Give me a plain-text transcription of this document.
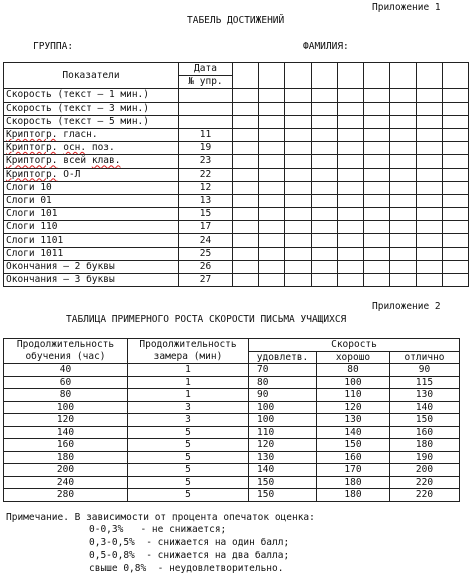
Приложение 1
ТАБЕЛЬ ДОСТИЖЕНИЙ
ГРУППА:	ФАМИЛИЯ:
Показатели	Дата									
	№ упр.									
Скорость (текст – 1 мин.)										
Скорость (текст – 3 мин.)										
Скорость (текст – 5 мин.)										
Криптогр. гласн.	11									
Криптогр. осн. поз.	19									
Криптогр. всей клав.	23									
Криптогр. О-Л	22									
Слоги 10	12									
Слоги 01	13									
Слоги 101	15									
Слоги 110	17									
Слоги 1101	24									
Слоги 1011	25									
Окончания – 2 буквы	26									
Окончания – 3 буквы	27									
Приложение 2
ТАБЛИЦА ПРИМЕРНОГО РОСТА СКОРОСТИ ПИСЬМА УЧАЩИХСЯ
Продолжительность	Продолжительность	Скорость		
обучения (час)	замера (мин)	удовлетв.	хорошо	отлично
40	1	70	80	90
60	1	80	100	115
80	1	90	110	130
100	3	100	120	140
120	3	100	130	150
140	5	110	140	160
160	5	120	150	180
180	5	130	160	190
200	5	140	170	200
240	5	150	180	220
280	5	150	180	220
Примечание. В зависимости от процента опечаток оценка:
0-0,3%   - не снижается;
0,3-0,5%  - снижается на один балл;
0,5-0,8%  - снижается на два балла;
свыше 0,8%  - неудовлетворительно.
